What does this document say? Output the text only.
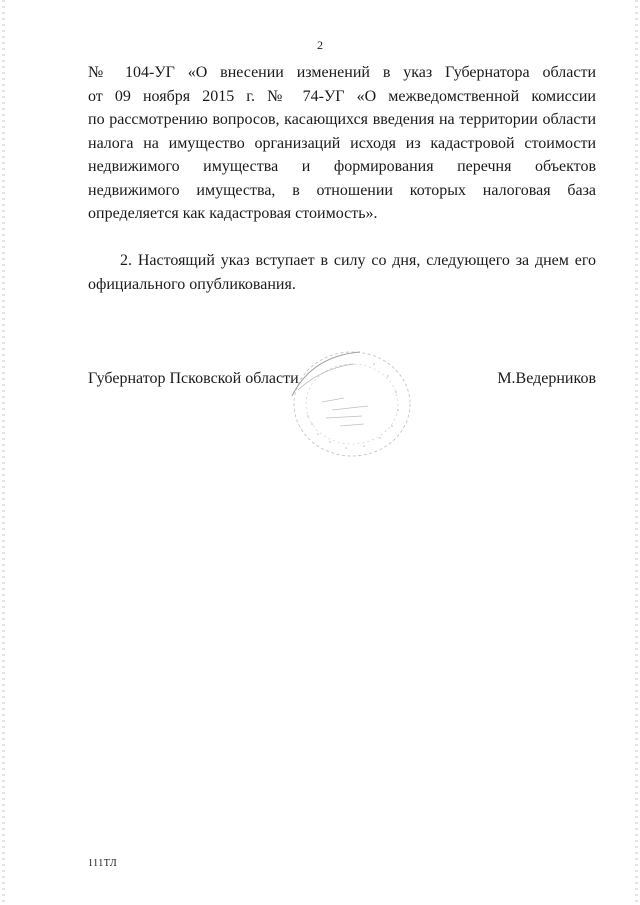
2

№ 104-УГ «О внесении изменений в указ Губернатора области
от 09 ноября 2015 г. № 74-УГ «О межведомственной комиссии
по рассмотрению вопросов, касающихся введения на территории области
налога на имущество организаций исходя из кадастровой стоимости
недвижимого имущества и формирования перечня объектов
недвижимого имущества, в отношении которых налоговая база
определяется как кадастровая стоимость».

2. Настоящий указ вступает в силу со дня, следующего за днем его
официального опубликования.

Губернатор Псковской области	М.Ведерников
111ТЛ
